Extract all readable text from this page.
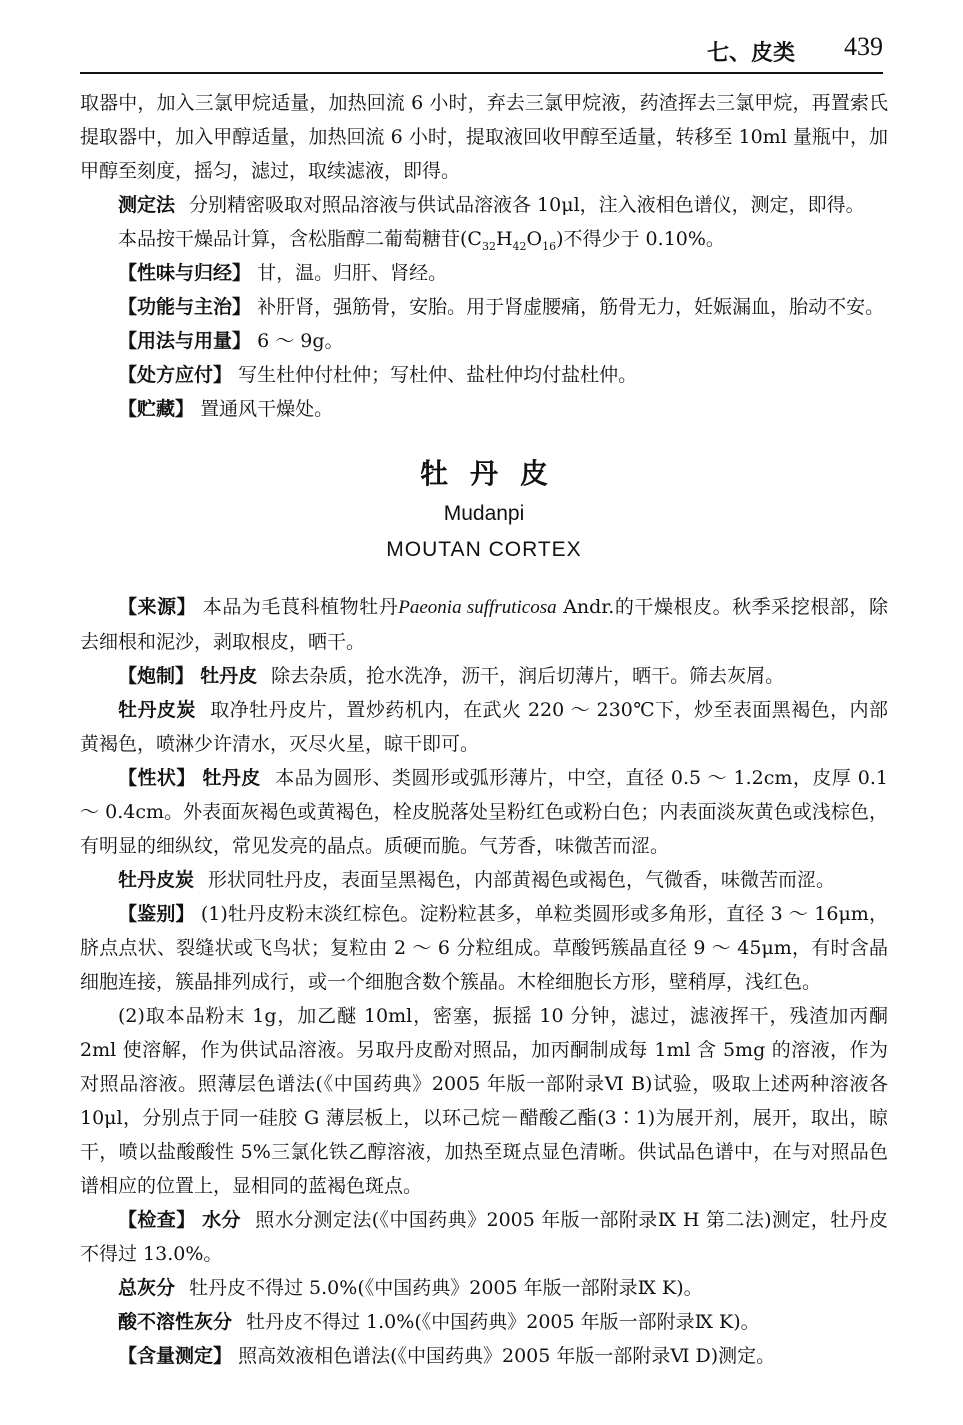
七、皮类 439

取器中，加入三氯甲烷适量，加热回流 6 小时，弃去三氯甲烷液，药渣挥去三氯甲烷，再置索氏提取器中，加入甲醇适量，加热回流 6 小时，提取液回收甲醇至适量，转移至 10ml 量瓶中，加甲醇至刻度，摇匀，滤过，取续滤液，即得。

测定法 分别精密吸取对照品溶液与供试品溶液各 10μl，注入液相色谱仪，测定，即得。

本品按干燥品计算，含松脂醇二葡萄糖苷$(C_{32}H_{42}O_{16})$不得少于 0.10%。

【性味与归经】 甘，温。归肝、肾经。

【功能与主治】 补肝肾，强筋骨，安胎。用于肾虚腰痛，筋骨无力，妊娠漏血，胎动不安。

【用法与用量】 6 ～ 9g。

【处方应付】 写生杜仲付杜仲；写杜仲、盐杜仲均付盐杜仲。

【贮藏】 置通风干燥处。

牡丹皮
Mudanpi
MOUTAN CORTEX

【来源】 本品为毛茛科植物牡丹Paeonia suffruticosa Andr.的干燥根皮。秋季采挖根部，除去细根和泥沙，剥取根皮，晒干。

【炮制】 牡丹皮 除去杂质，抢水洗净，沥干，润后切薄片，晒干。筛去灰屑。

牡丹皮炭 取净牡丹皮片，置炒药机内，在武火 220 ～ 230℃下，炒至表面黑褐色，内部黄褐色，喷淋少许清水，灭尽火星，晾干即可。

【性状】 牡丹皮 本品为圆形、类圆形或弧形薄片，中空，直径 0.5 ～ 1.2cm，皮厚 0.1 ～ 0.4cm。外表面灰褐色或黄褐色，栓皮脱落处呈粉红色或粉白色；内表面淡灰黄色或浅棕色，有明显的细纵纹，常见发亮的晶点。质硬而脆。气芳香，味微苦而涩。

牡丹皮炭 形状同牡丹皮，表面呈黑褐色，内部黄褐色或褐色，气微香，味微苦而涩。

【鉴别】 (1)牡丹皮粉末淡红棕色。淀粉粒甚多，单粒类圆形或多角形，直径 3 ～ 16μm，脐点点状、裂缝状或飞鸟状；复粒由 2 ～ 6 分粒组成。草酸钙簇晶直径 9 ～ 45μm，有时含晶细胞连接，簇晶排列成行，或一个细胞含数个簇晶。木栓细胞长方形，壁稍厚，浅红色。

(2)取本品粉末 1g，加乙醚 10ml，密塞，振摇 10 分钟，滤过，滤液挥干，残渣加丙酮 2ml 使溶解，作为供试品溶液。另取丹皮酚对照品，加丙酮制成每 1ml 含 5mg 的溶液，作为对照品溶液。照薄层色谱法(《中国药典》2005 年版一部附录Ⅵ B)试验，吸取上述两种溶液各 10μl，分别点于同一硅胶 G 薄层板上，以环己烷－醋酸乙酯(3∶1)为展开剂，展开，取出，晾干，喷以盐酸酸性 5%三氯化铁乙醇溶液，加热至斑点显色清晰。供试品色谱中，在与对照品色谱相应的位置上，显相同的蓝褐色斑点。

【检查】 水分 照水分测定法(《中国药典》2005 年版一部附录Ⅸ H 第二法)测定，牡丹皮不得过 13.0%。

总灰分 牡丹皮不得过 5.0%(《中国药典》2005 年版一部附录Ⅸ K)。

酸不溶性灰分 牡丹皮不得过 1.0%(《中国药典》2005 年版一部附录Ⅸ K)。

【含量测定】 照高效液相色谱法(《中国药典》2005 年版一部附录Ⅵ D)测定。
